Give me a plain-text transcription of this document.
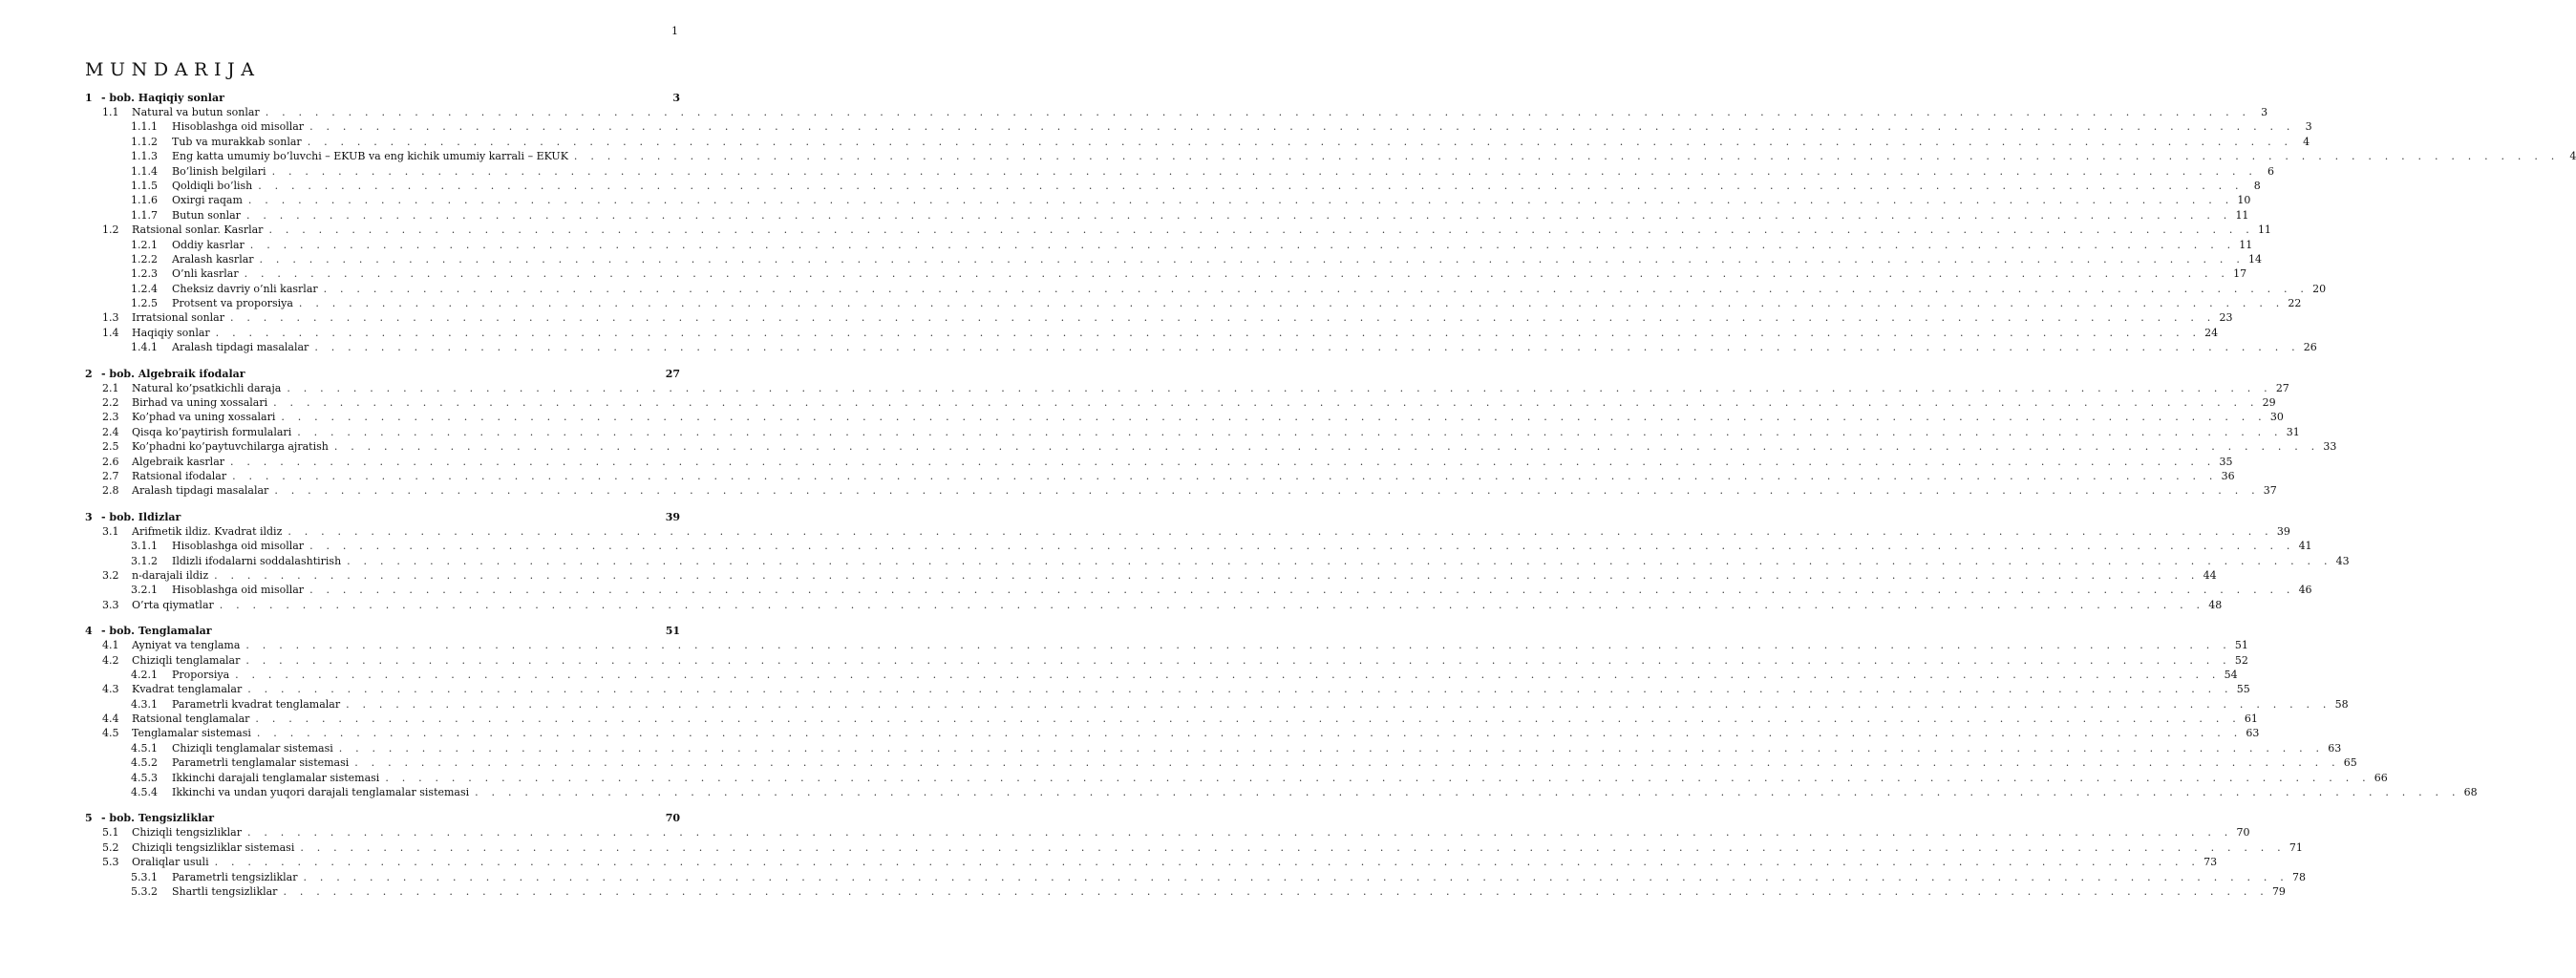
1
MUNDARIJA
1 - bob. Haqiqiy sonlar	3
1.1	Natural va butun sonlar . . . . . . . . . . . . . . . . . . . . . . . . . . . . . . . . . . . . . . . . . . . . . . . . . . . . . . . . . . . . . . . . . . . . . . . . . . . . . . . . . . . . . . . . . . . . . . . . . . . . . . . . . . . . . . . . . . . . . . . .	3
1.1.1	Hisoblashga oid misollar . . . . . . . . . . . . . . . . . . . . . . . . . . . . . . . . . . . . . . . . . . . . . . . . . . . . . . . . . . . . . . . . . . . . . . . . . . . . . . . . . . . . . . . . . . . . . . . . . . . . . . . . . . . . . . . . . . . . . . . .	3
1.1.2	Tub va murakkab sonlar . . . . . . . . . . . . . . . . . . . . . . . . . . . . . . . . . . . . . . . . . . . . . . . . . . . . . . . . . . . . . . . . . . . . . . . . . . . . . . . . . . . . . . . . . . . . . . . . . . . . . . . . . . . . . . . . . . . . . . . .	4
1.1.3	Eng katta umumiy bo’luvchi – EKUB va eng kichik umumiy karrali – EKUK . . . . . . . . . . . . . . . . . . . . . . . . . . . . . . . . . . . . . . . . . . . . . . . . . . . . . . . . . . . . . . . . . . . . . . . . . . . . . . . . . . . . . . . . . . . . . . . . . . . . . . . . . . . . . . . . . . . . . . . .	4
1.1.4	Bo’linish belgilari . . . . . . . . . . . . . . . . . . . . . . . . . . . . . . . . . . . . . . . . . . . . . . . . . . . . . . . . . . . . . . . . . . . . . . . . . . . . . . . . . . . . . . . . . . . . . . . . . . . . . . . . . . . . . . . . . . . . . . . .	6
1.1.5	Qoldiqli bo’lish . . . . . . . . . . . . . . . . . . . . . . . . . . . . . . . . . . . . . . . . . . . . . . . . . . . . . . . . . . . . . . . . . . . . . . . . . . . . . . . . . . . . . . . . . . . . . . . . . . . . . . . . . . . . . . . . . . . . . . . .	8
1.1.6	Oxirgi raqam . . . . . . . . . . . . . . . . . . . . . . . . . . . . . . . . . . . . . . . . . . . . . . . . . . . . . . . . . . . . . . . . . . . . . . . . . . . . . . . . . . . . . . . . . . . . . . . . . . . . . . . . . . . . . . . . . . . . . . . . 10
1.1.7	Butun sonlar . . . . . . . . . . . . . . . . . . . . . . . . . . . . . . . . . . . . . . . . . . . . . . . . . . . . . . . . . . . . . . . . . . . . . . . . . . . . . . . . . . . . . . . . . . . . . . . . . . . . . . . . . . . . . . . . . . . . . . . . 11
1.2	Ratsional sonlar. Kasrlar . . . . . . . . . . . . . . . . . . . . . . . . . . . . . . . . . . . . . . . . . . . . . . . . . . . . . . . . . . . . . . . . . . . . . . . . . . . . . . . . . . . . . . . . . . . . . . . . . . . . . . . . . . . . . . . . . . . . . . . . 11
1.2.1	Oddiy kasrlar . . . . . . . . . . . . . . . . . . . . . . . . . . . . . . . . . . . . . . . . . . . . . . . . . . . . . . . . . . . . . . . . . . . . . . . . . . . . . . . . . . . . . . . . . . . . . . . . . . . . . . . . . . . . . . . . . . . . . . . . 11
1.2.2	Aralash kasrlar . . . . . . . . . . . . . . . . . . . . . . . . . . . . . . . . . . . . . . . . . . . . . . . . . . . . . . . . . . . . . . . . . . . . . . . . . . . . . . . . . . . . . . . . . . . . . . . . . . . . . . . . . . . . . . . . . . . . . . . . 14
1.2.3	O’nli kasrlar . . . . . . . . . . . . . . . . . . . . . . . . . . . . . . . . . . . . . . . . . . . . . . . . . . . . . . . . . . . . . . . . . . . . . . . . . . . . . . . . . . . . . . . . . . . . . . . . . . . . . . . . . . . . . . . . . . . . . . . . 17
1.2.4	Cheksiz davriy o’nli kasrlar . . . . . . . . . . . . . . . . . . . . . . . . . . . . . . . . . . . . . . . . . . . . . . . . . . . . . . . . . . . . . . . . . . . . . . . . . . . . . . . . . . . . . . . . . . . . . . . . . . . . . . . . . . . . . . . . . . . . . . . . 20
1.2.5	Protsent va proporsiya . . . . . . . . . . . . . . . . . . . . . . . . . . . . . . . . . . . . . . . . . . . . . . . . . . . . . . . . . . . . . . . . . . . . . . . . . . . . . . . . . . . . . . . . . . . . . . . . . . . . . . . . . . . . . . . . . . . . . . . . 22
1.3	Irratsional sonlar . . . . . . . . . . . . . . . . . . . . . . . . . . . . . . . . . . . . . . . . . . . . . . . . . . . . . . . . . . . . . . . . . . . . . . . . . . . . . . . . . . . . . . . . . . . . . . . . . . . . . . . . . . . . . . . . . . . . . . . . 23
1.4	Haqiqiy sonlar . . . . . . . . . . . . . . . . . . . . . . . . . . . . . . . . . . . . . . . . . . . . . . . . . . . . . . . . . . . . . . . . . . . . . . . . . . . . . . . . . . . . . . . . . . . . . . . . . . . . . . . . . . . . . . . . . . . . . . . . 24
1.4.1	Aralash tipdagi masalalar . . . . . . . . . . . . . . . . . . . . . . . . . . . . . . . . . . . . . . . . . . . . . . . . . . . . . . . . . . . . . . . . . . . . . . . . . . . . . . . . . . . . . . . . . . . . . . . . . . . . . . . . . . . . . . . . . . . . . . . . 26
2 - bob. Algebraik ifodalar	27
2.1	Natural ko’psatkichli daraja . . . . . . . . . . . . . . . . . . . . . . . . . . . . . . . . . . . . . . . . . . . . . . . . . . . . . . . . . . . . . . . . . . . . . . . . . . . . . . . . . . . . . . . . . . . . . . . . . . . . . . . . . . . . . . . . . . . . . . . . 27
2.2	Birhad va uning xossalari . . . . . . . . . . . . . . . . . . . . . . . . . . . . . . . . . . . . . . . . . . . . . . . . . . . . . . . . . . . . . . . . . . . . . . . . . . . . . . . . . . . . . . . . . . . . . . . . . . . . . . . . . . . . . . . . . . . . . . . . 29
2.3	Ko’phad va uning xossalari . . . . . . . . . . . . . . . . . . . . . . . . . . . . . . . . . . . . . . . . . . . . . . . . . . . . . . . . . . . . . . . . . . . . . . . . . . . . . . . . . . . . . . . . . . . . . . . . . . . . . . . . . . . . . . . . . . . . . . . . 30
2.4	Qisqa ko’paytirish formulalari . . . . . . . . . . . . . . . . . . . . . . . . . . . . . . . . . . . . . . . . . . . . . . . . . . . . . . . . . . . . . . . . . . . . . . . . . . . . . . . . . . . . . . . . . . . . . . . . . . . . . . . . . . . . . . . . . . . . . . . . 31
2.5	Ko’phadni ko’paytuvchilarga ajratish . . . . . . . . . . . . . . . . . . . . . . . . . . . . . . . . . . . . . . . . . . . . . . . . . . . . . . . . . . . . . . . . . . . . . . . . . . . . . . . . . . . . . . . . . . . . . . . . . . . . . . . . . . . . . . . . . . . . . . . . 33
2.6	Algebraik kasrlar . . . . . . . . . . . . . . . . . . . . . . . . . . . . . . . . . . . . . . . . . . . . . . . . . . . . . . . . . . . . . . . . . . . . . . . . . . . . . . . . . . . . . . . . . . . . . . . . . . . . . . . . . . . . . . . . . . . . . . . . 35
2.7	Ratsional ifodalar . . . . . . . . . . . . . . . . . . . . . . . . . . . . . . . . . . . . . . . . . . . . . . . . . . . . . . . . . . . . . . . . . . . . . . . . . . . . . . . . . . . . . . . . . . . . . . . . . . . . . . . . . . . . . . . . . . . . . . . . 36
2.8	Aralash tipdagi masalalar . . . . . . . . . . . . . . . . . . . . . . . . . . . . . . . . . . . . . . . . . . . . . . . . . . . . . . . . . . . . . . . . . . . . . . . . . . . . . . . . . . . . . . . . . . . . . . . . . . . . . . . . . . . . . . . . . . . . . . . . 37
3 - bob. Ildizlar	39
3.1	Arifmetik ildiz. Kvadrat ildiz . . . . . . . . . . . . . . . . . . . . . . . . . . . . . . . . . . . . . . . . . . . . . . . . . . . . . . . . . . . . . . . . . . . . . . . . . . . . . . . . . . . . . . . . . . . . . . . . . . . . . . . . . . . . . . . . . . . . . . . . 39
3.1.1	Hisoblashga oid misollar . . . . . . . . . . . . . . . . . . . . . . . . . . . . . . . . . . . . . . . . . . . . . . . . . . . . . . . . . . . . . . . . . . . . . . . . . . . . . . . . . . . . . . . . . . . . . . . . . . . . . . . . . . . . . . . . . . . . . . . . 41
3.1.2	Ildizli ifodalarni soddalashtirish . . . . . . . . . . . . . . . . . . . . . . . . . . . . . . . . . . . . . . . . . . . . . . . . . . . . . . . . . . . . . . . . . . . . . . . . . . . . . . . . . . . . . . . . . . . . . . . . . . . . . . . . . . . . . . . . . . . . . . . . 43
3.2	n-darajali ildiz . . . . . . . . . . . . . . . . . . . . . . . . . . . . . . . . . . . . . . . . . . . . . . . . . . . . . . . . . . . . . . . . . . . . . . . . . . . . . . . . . . . . . . . . . . . . . . . . . . . . . . . . . . . . . . . . . . . . . . . . 44
3.2.1	Hisoblashga oid misollar . . . . . . . . . . . . . . . . . . . . . . . . . . . . . . . . . . . . . . . . . . . . . . . . . . . . . . . . . . . . . . . . . . . . . . . . . . . . . . . . . . . . . . . . . . . . . . . . . . . . . . . . . . . . . . . . . . . . . . . . 46
3.3	O’rta qiymatlar . . . . . . . . . . . . . . . . . . . . . . . . . . . . . . . . . . . . . . . . . . . . . . . . . . . . . . . . . . . . . . . . . . . . . . . . . . . . . . . . . . . . . . . . . . . . . . . . . . . . . . . . . . . . . . . . . . . . . . . . 48
4 - bob. Tenglamalar	51
4.1	Ayniyat va tenglama . . . . . . . . . . . . . . . . . . . . . . . . . . . . . . . . . . . . . . . . . . . . . . . . . . . . . . . . . . . . . . . . . . . . . . . . . . . . . . . . . . . . . . . . . . . . . . . . . . . . . . . . . . . . . . . . . . . . . . . . 51
4.2	Chiziqli tenglamalar . . . . . . . . . . . . . . . . . . . . . . . . . . . . . . . . . . . . . . . . . . . . . . . . . . . . . . . . . . . . . . . . . . . . . . . . . . . . . . . . . . . . . . . . . . . . . . . . . . . . . . . . . . . . . . . . . . . . . . . . 52
4.2.1	Proporsiya . . . . . . . . . . . . . . . . . . . . . . . . . . . . . . . . . . . . . . . . . . . . . . . . . . . . . . . . . . . . . . . . . . . . . . . . . . . . . . . . . . . . . . . . . . . . . . . . . . . . . . . . . . . . . . . . . . . . . . . . 54
4.3	Kvadrat tenglamalar . . . . . . . . . . . . . . . . . . . . . . . . . . . . . . . . . . . . . . . . . . . . . . . . . . . . . . . . . . . . . . . . . . . . . . . . . . . . . . . . . . . . . . . . . . . . . . . . . . . . . . . . . . . . . . . . . . . . . . . . 55
4.3.1	Parametrli kvadrat tenglamalar . . . . . . . . . . . . . . . . . . . . . . . . . . . . . . . . . . . . . . . . . . . . . . . . . . . . . . . . . . . . . . . . . . . . . . . . . . . . . . . . . . . . . . . . . . . . . . . . . . . . . . . . . . . . . . . . . . . . . . . . 58
4.4	Ratsional tenglamalar . . . . . . . . . . . . . . . . . . . . . . . . . . . . . . . . . . . . . . . . . . . . . . . . . . . . . . . . . . . . . . . . . . . . . . . . . . . . . . . . . . . . . . . . . . . . . . . . . . . . . . . . . . . . . . . . . . . . . . . . 61
4.5	Tenglamalar sistemasi . . . . . . . . . . . . . . . . . . . . . . . . . . . . . . . . . . . . . . . . . . . . . . . . . . . . . . . . . . . . . . . . . . . . . . . . . . . . . . . . . . . . . . . . . . . . . . . . . . . . . . . . . . . . . . . . . . . . . . . . 63
4.5.1	Chiziqli tenglamalar sistemasi . . . . . . . . . . . . . . . . . . . . . . . . . . . . . . . . . . . . . . . . . . . . . . . . . . . . . . . . . . . . . . . . . . . . . . . . . . . . . . . . . . . . . . . . . . . . . . . . . . . . . . . . . . . . . . . . . . . . . . . . 63
4.5.2	Parametrli tenglamalar sistemasi . . . . . . . . . . . . . . . . . . . . . . . . . . . . . . . . . . . . . . . . . . . . . . . . . . . . . . . . . . . . . . . . . . . . . . . . . . . . . . . . . . . . . . . . . . . . . . . . . . . . . . . . . . . . . . . . . . . . . . . . 65
4.5.3	Ikkinchi darajali tenglamalar sistemasi . . . . . . . . . . . . . . . . . . . . . . . . . . . . . . . . . . . . . . . . . . . . . . . . . . . . . . . . . . . . . . . . . . . . . . . . . . . . . . . . . . . . . . . . . . . . . . . . . . . . . . . . . . . . . . . . . . . . . . . . 66
4.5.4	Ikkinchi va undan yuqori darajali tenglamalar sistemasi . . . . . . . . . . . . . . . . . . . . . . . . . . . . . . . . . . . . . . . . . . . . . . . . . . . . . . . . . . . . . . . . . . . . . . . . . . . . . . . . . . . . . . . . . . . . . . . . . . . . . . . . . . . . . . . . . . . . . . . . 68
5 - bob. Tengsizliklar	70
5.1	Chiziqli tengsizliklar . . . . . . . . . . . . . . . . . . . . . . . . . . . . . . . . . . . . . . . . . . . . . . . . . . . . . . . . . . . . . . . . . . . . . . . . . . . . . . . . . . . . . . . . . . . . . . . . . . . . . . . . . . . . . . . . . . . . . . . . 70
5.2	Chiziqli tengsizliklar sistemasi . . . . . . . . . . . . . . . . . . . . . . . . . . . . . . . . . . . . . . . . . . . . . . . . . . . . . . . . . . . . . . . . . . . . . . . . . . . . . . . . . . . . . . . . . . . . . . . . . . . . . . . . . . . . . . . . . . . . . . . . 71
5.3	Oraliqlar usuli . . . . . . . . . . . . . . . . . . . . . . . . . . . . . . . . . . . . . . . . . . . . . . . . . . . . . . . . . . . . . . . . . . . . . . . . . . . . . . . . . . . . . . . . . . . . . . . . . . . . . . . . . . . . . . . . . . . . . . . . 73
5.3.1	Parametrli tengsizliklar . . . . . . . . . . . . . . . . . . . . . . . . . . . . . . . . . . . . . . . . . . . . . . . . . . . . . . . . . . . . . . . . . . . . . . . . . . . . . . . . . . . . . . . . . . . . . . . . . . . . . . . . . . . . . . . . . . . . . . . . 78
5.3.2	Shartli tengsizliklar . . . . . . . . . . . . . . . . . . . . . . . . . . . . . . . . . . . . . . . . . . . . . . . . . . . . . . . . . . . . . . . . . . . . . . . . . . . . . . . . . . . . . . . . . . . . . . . . . . . . . . . . . . . . . . . . . . . . . . . . 79
